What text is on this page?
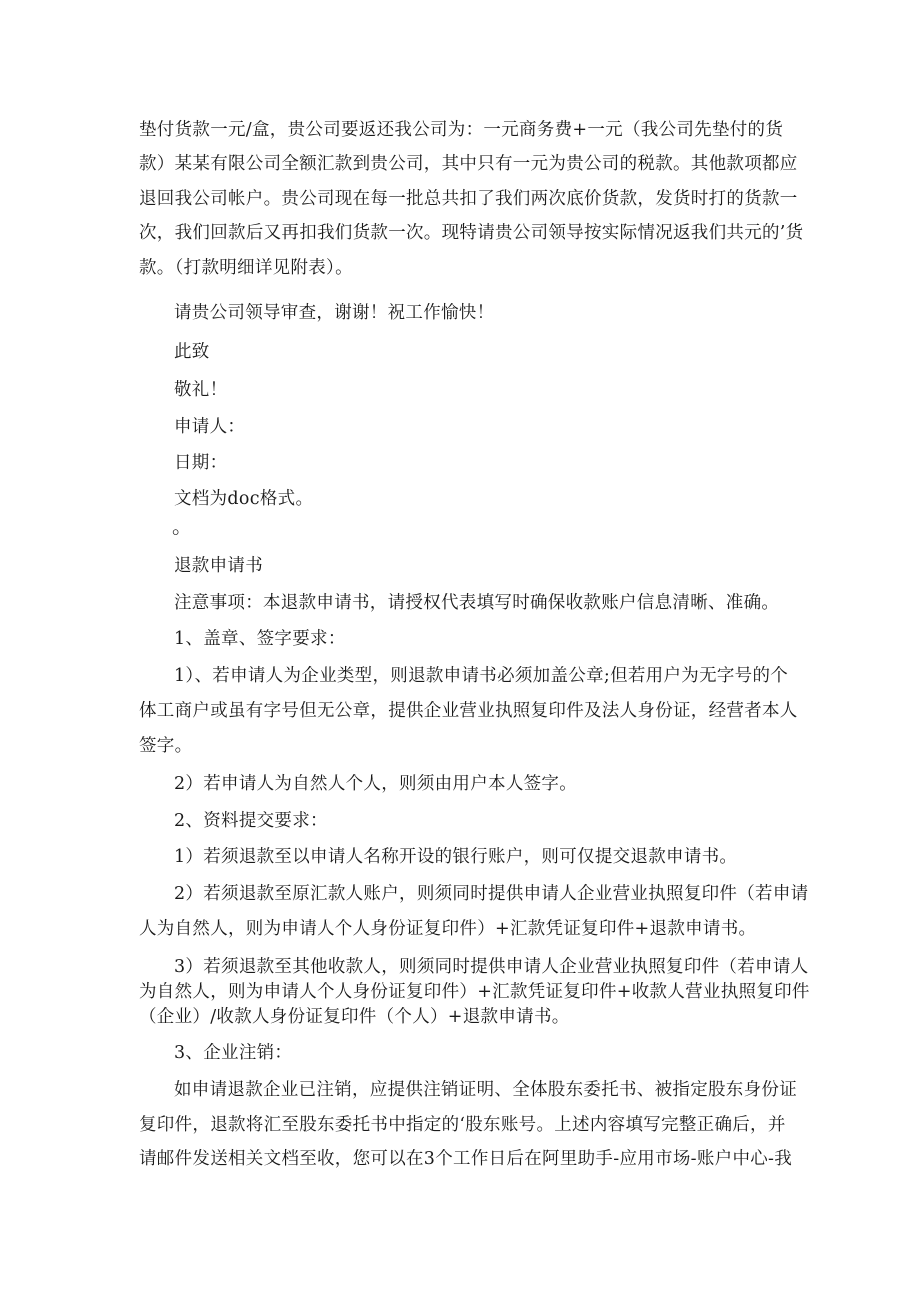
垫付货款一元/盒，贵公司要返还我公司为：一元商务费+一元（我公司先垫付的货
款）某某有限公司全额汇款到贵公司，其中只有一元为贵公司的税款。其他款项都应
退回我公司帐户。贵公司现在每一批总共扣了我们两次底价货款，发货时打的货款一
次，我们回款后又再扣我们货款一次。现特请贵公司领导按实际情况返我们共元的’货
款。（打款明细详见附表）。
请贵公司领导审查，谢谢！祝工作愉快！
此致
敬礼！
申请人：
日期：
文档为doc格式。
。
退款申请书
注意事项：本退款申请书，请授权代表填写时确保收款账户信息清晰、准确。
1、盖章、签字要求：
1）、若申请人为企业类型，则退款申请书必须加盖公章;但若用户为无字号的个
体工商户或虽有字号但无公章，提供企业营业执照复印件及法人身份证，经营者本人
签字。
2）若申请人为自然人个人，则须由用户本人签字。
2、资料提交要求：
1）若须退款至以申请人名称开设的银行账户，则可仅提交退款申请书。
2）若须退款至原汇款人账户，则须同时提供申请人企业营业执照复印件（若申请
人为自然人，则为申请人个人身份证复印件）+汇款凭证复印件+退款申请书。
3）若须退款至其他收款人，则须同时提供申请人企业营业执照复印件（若申请人
为自然人，则为申请人个人身份证复印件）+汇款凭证复印件+收款人营业执照复印件
（企业）/收款人身份证复印件（个人）+退款申请书。
3、企业注销：
如申请退款企业已注销，应提供注销证明、全体股东委托书、被指定股东身份证
复印件，退款将汇至股东委托书中指定的‘股东账号。上述内容填写完整正确后，并
请邮件发送相关文档至收，您可以在3个工作日后在阿里助手-应用市场-账户中心-我
